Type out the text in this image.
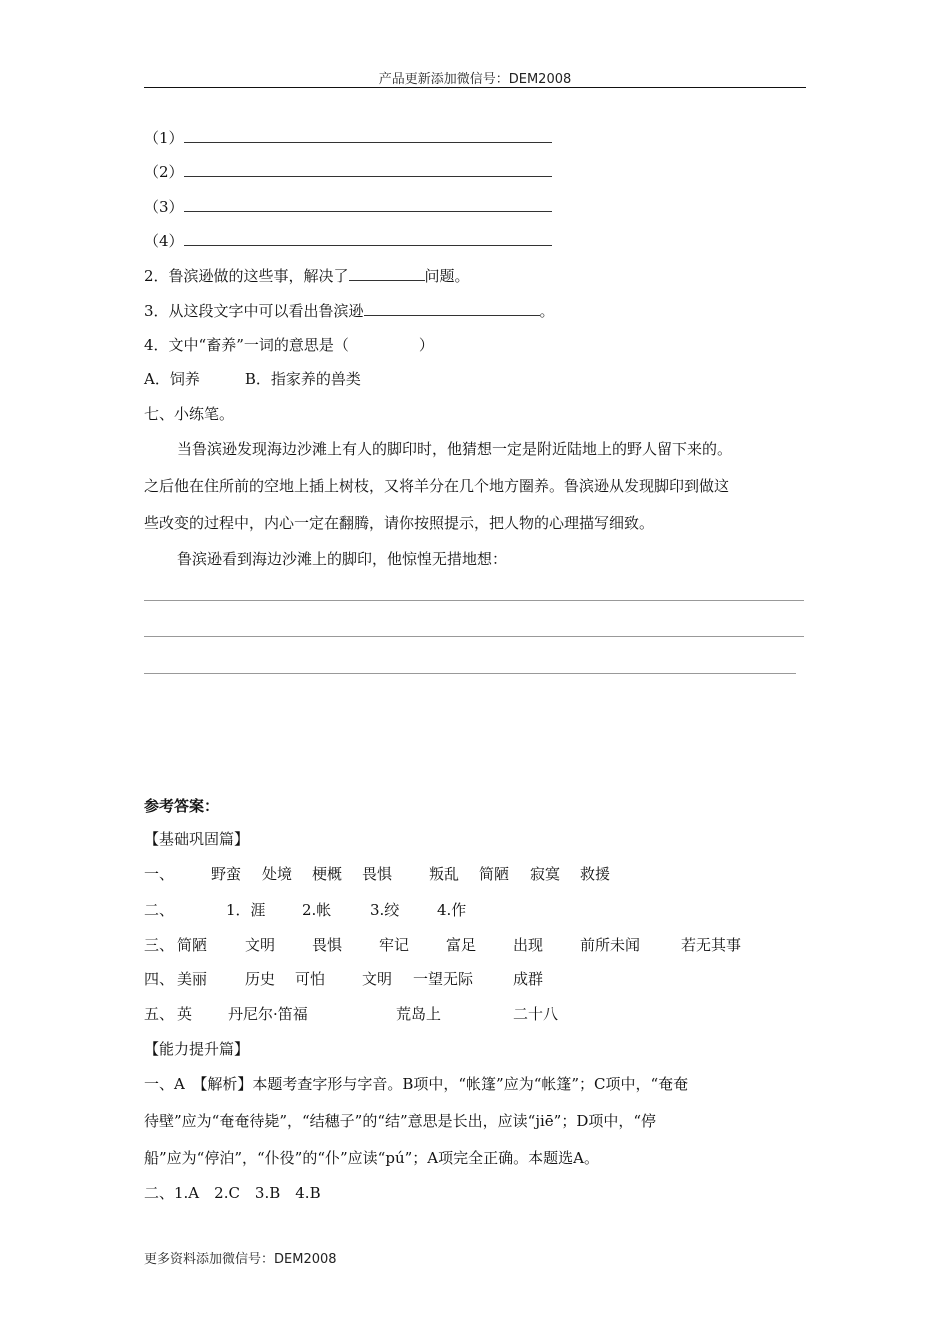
产品更新添加微信号：DEM2008
（1）
（2）
（3）
（4）
2．鲁滨逊做的这些事，解决了	问题。
3．从这段文字中可以看出鲁滨逊	。
4．文中“畜养”一词的意思是（	）
A．饲养	B．指家养的兽类
七、小练笔。
当鲁滨逊发现海边沙滩上有人的脚印时，他猜想一定是附近陆地上的野人留下来的。
之后他在住所前的空地上插上树枝，又将羊分在几个地方圈养。鲁滨逊从发现脚印到做这
些改变的过程中，内心一定在翻腾，请你按照提示，把人物的心理描写细致。
鲁滨逊看到海边沙滩上的脚印，他惊惶无措地想：
参考答案：
【基础巩固篇】
一、 野蛮 处境 梗概 畏惧 叛乱 简陋 寂寞 救援
二、	1．涯 2.帐	3.绞	4.作
三、 简陋	文明 畏惧 牢记 富足 出现 前所未闻	若无其事
四、 美丽	历史 可怕 文明 一望无际	成群
五、 英 丹尼尔·笛福	荒岛上	二十八
【能力提升篇】
一、A　【解析】本题考查字形与字音。B项中，“帐篷”应为“帐篷”；C项中，“奄奄
待壁”应为“奄奄待毙”，“结穗子”的“结”意思是长出，应读“jiē”；D项中，“停
船”应为“停泊”，“仆役”的“仆”应读“pú”；A项完全正确。本题选A。
二、1.A　2.C　3.B　4.B
更多资料添加微信号：DEM2008
